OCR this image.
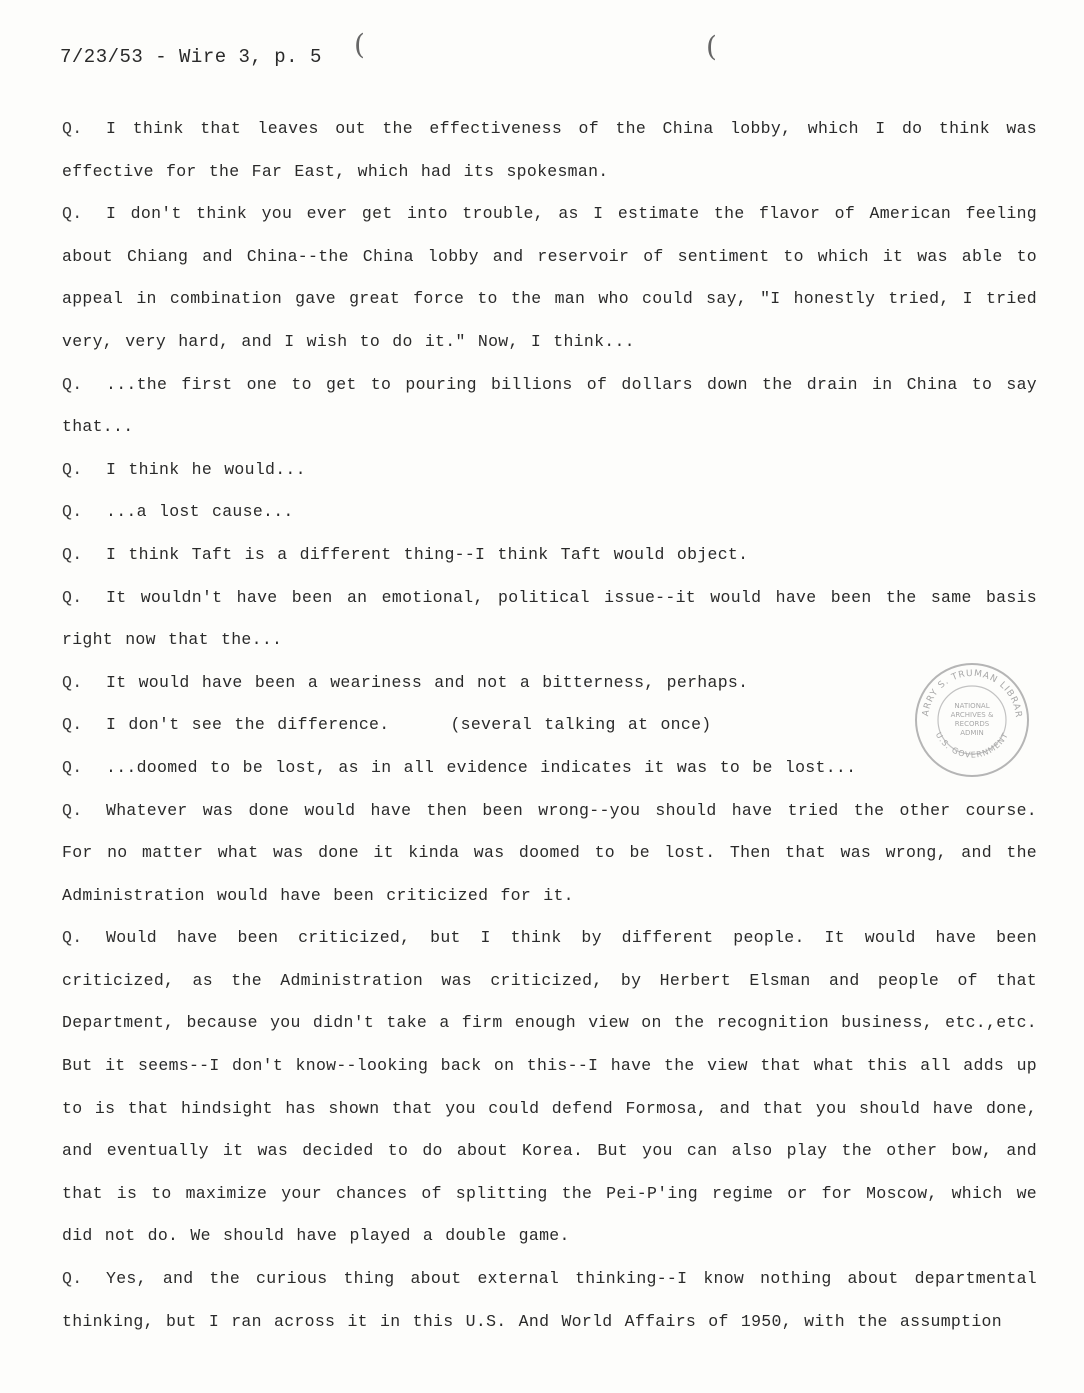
7/23/53 - Wire 3, p. 5 (	(

Q. I think that leaves out the effectiveness of the China lobby, which I do think was effective for the Far East, which had its spokesman.

Q. I don't think you ever get into trouble, as I estimate the flavor of American feeling about Chiang and China--the China lobby and reservoir of sentiment to which it was able to appeal in combination gave great force to the man who could say, "I honestly tried, I tried very, very hard, and I wish to do it." Now, I think...

Q. ...the first one to get to pouring billions of dollars down the drain in China to say that...

Q. I think he would...

Q. ...a lost cause...

Q. I think Taft is a different thing--I think Taft would object.

Q. It wouldn't have been an emotional, political issue--it would have been the same basis right now that the...

Q. It would have been a weariness and not a bitterness, perhaps.

Q. I don't see the difference.     (several talking at once)

Q. ...doomed to be lost, as in all evidence indicates it was to be lost...

Q. Whatever was done would have then been wrong--you should have tried the other course. For no matter what was done it kinda was doomed to be lost. Then that was wrong, and the Administration would have been criticized for it.

Q. Would have been criticized, but I think by different people. It would have been criticized, as the Administration was criticized, by Herbert Elsman and people of that Department, because you didn't take a firm enough view on the recognition business, etc.,etc. But it seems--I don't know--looking back on this--I have the view that what this all adds up to is that hindsight has shown that you could defend Formosa, and that you should have done, and eventually it was decided to do about Korea. But you can also play the other bow, and that is to maximize your chances of splitting the Pei-P'ing regime or for Moscow, which we did not do. We should have played a double game.

Q. Yes, and the curious thing about external thinking--I know nothing about departmental thinking, but I ran across it in this U.S. And World Affairs of 1950, with the assumption

ARRY S. TRUMAN LIBRAR
U.S. GOVERNMENT
NATIONAL
ARCHIVES &
RECORDS
ADMIN
